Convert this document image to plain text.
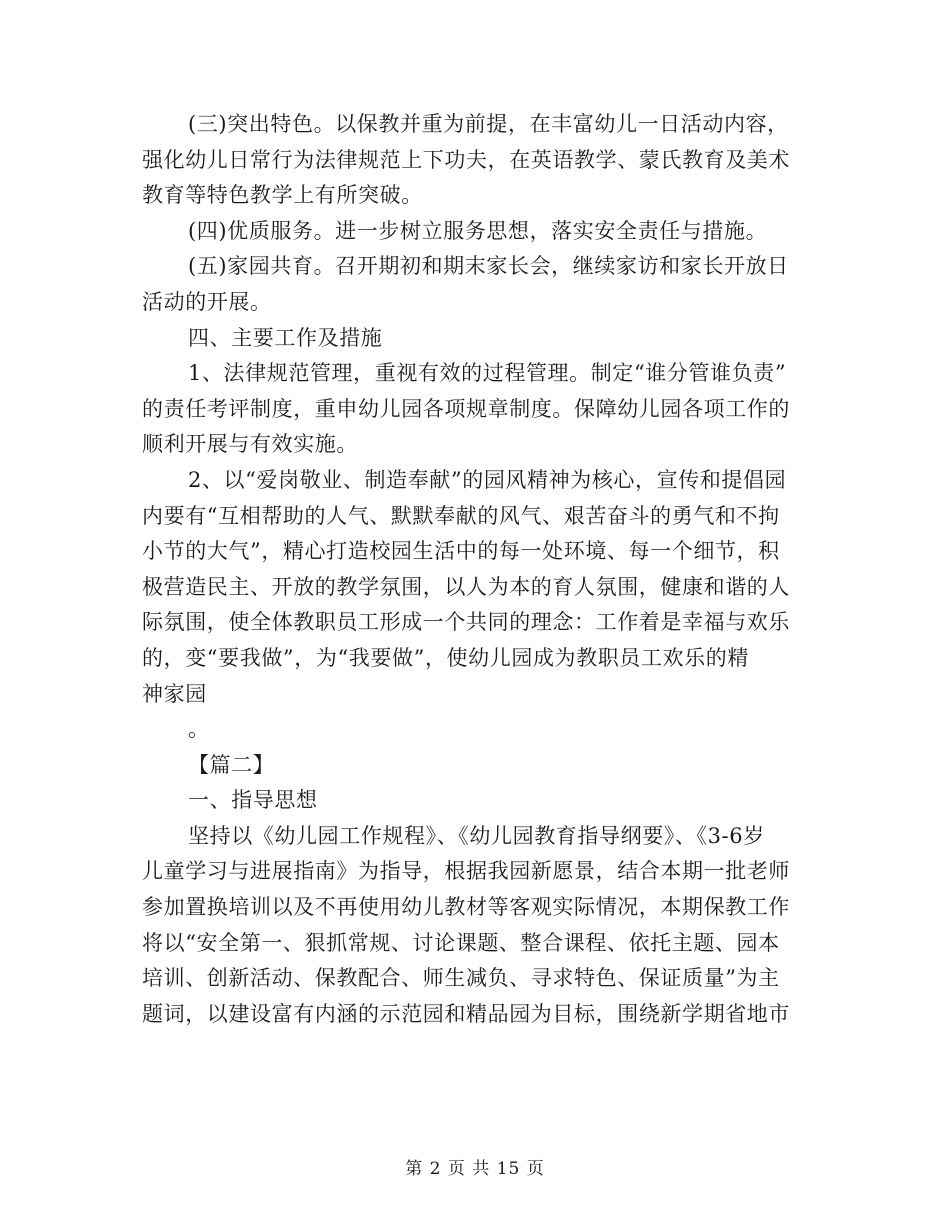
(三)突出特色。以保教并重为前提，在丰富幼儿一日活动内容，
强化幼儿日常行为法律规范上下功夫，在英语教学、蒙氏教育及美术
教育等特色教学上有所突破。
(四)优质服务。进一步树立服务思想，落实安全责任与措施。
(五)家园共育。召开期初和期末家长会，继续家访和家长开放日
活动的开展。
四、主要工作及措施
1、法律规范管理，重视有效的过程管理。制定“谁分管谁负责”
的责任考评制度，重申幼儿园各项规章制度。保障幼儿园各项工作的
顺利开展与有效实施。
2、以“爱岗敬业、制造奉献”的园风精神为核心，宣传和提倡园
内要有“互相帮助的人气、默默奉献的风气、艰苦奋斗的勇气和不拘
小节的大气”，精心打造校园生活中的每一处环境、每一个细节，积
极营造民主、开放的教学氛围，以人为本的育人氛围，健康和谐的人
际氛围，使全体教职员工形成一个共同的理念：工作着是幸福与欢乐
的，变“要我做”，为“我要做”，使幼儿园成为教职员工欢乐的精
神家园
。
【篇二】
一、指导思想
坚持以《幼儿园工作规程》、《幼儿园教育指导纲要》、《3-6岁
儿童学习与进展指南》为指导，根据我园新愿景，结合本期一批老师
参加置换培训以及不再使用幼儿教材等客观实际情况，本期保教工作
将以“安全第一、狠抓常规、讨论课题、整合课程、依托主题、园本
培训、创新活动、保教配合、师生减负、寻求特色、保证质量”为主
题词，以建设富有内涵的示范园和精品园为目标，围绕新学期省地市
第 2 页 共 15 页
